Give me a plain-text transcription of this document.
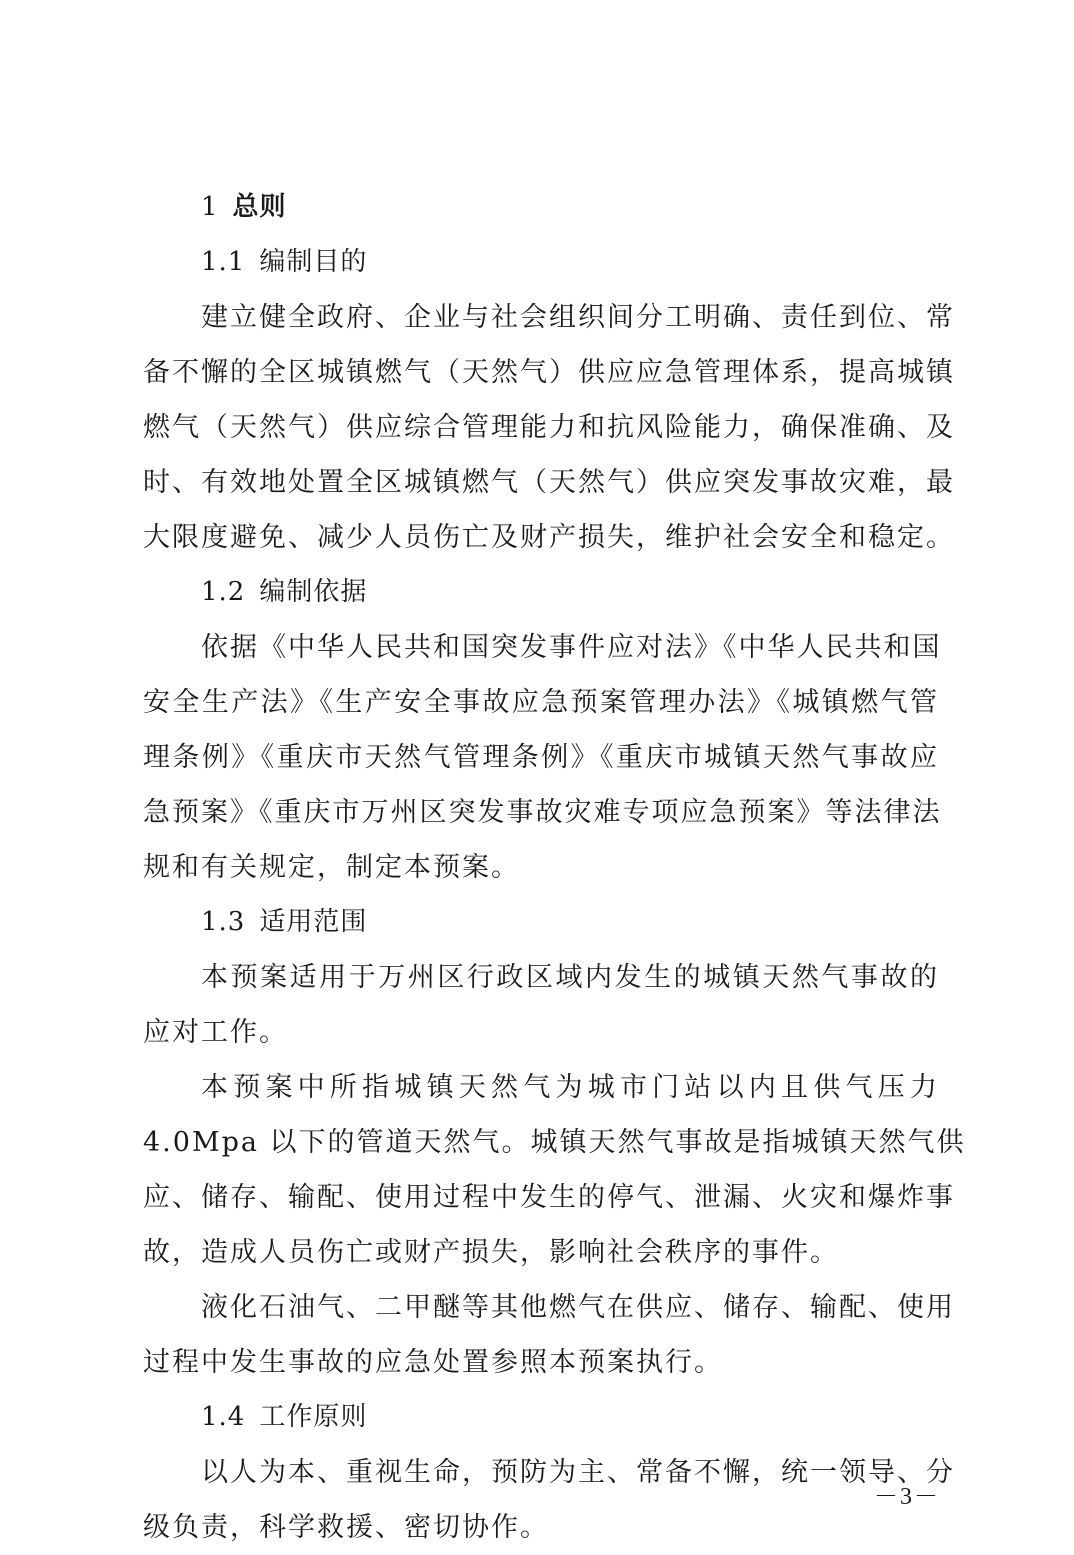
1 总则
1.1 编制目的
建立健全政府、企业与社会组织间分工明确、责任到位、常
备不懈的全区城镇燃气（天然气）供应应急管理体系，提高城镇
燃气（天然气）供应综合管理能力和抗风险能力，确保准确、及
时、有效地处置全区城镇燃气（天然气）供应突发事故灾难，最
大限度避免、减少人员伤亡及财产损失，维护社会安全和稳定。
1.2 编制依据
依据《中华人民共和国突发事件应对法》《中华人民共和国
安全生产法》《生产安全事故应急预案管理办法》《城镇燃气管
理条例》《重庆市天然气管理条例》《重庆市城镇天然气事故应
急预案》《重庆市万州区突发事故灾难专项应急预案》等法律法
规和有关规定，制定本预案。
1.3 适用范围
本预案适用于万州区行政区域内发生的城镇天然气事故的
应对工作。
本预案中所指城镇天然气为城市门站以内且供气压力
4.0Mpa 以下的管道天然气。城镇天然气事故是指城镇天然气供
应、储存、输配、使用过程中发生的停气、泄漏、火灾和爆炸事
故，造成人员伤亡或财产损失，影响社会秩序的事件。
液化石油气、二甲醚等其他燃气在供应、储存、输配、使用
过程中发生事故的应急处置参照本预案执行。
1.4 工作原则
以人为本、重视生命，预防为主、常备不懈，统一领导、分
级负责，科学救援、密切协作。
－3－
